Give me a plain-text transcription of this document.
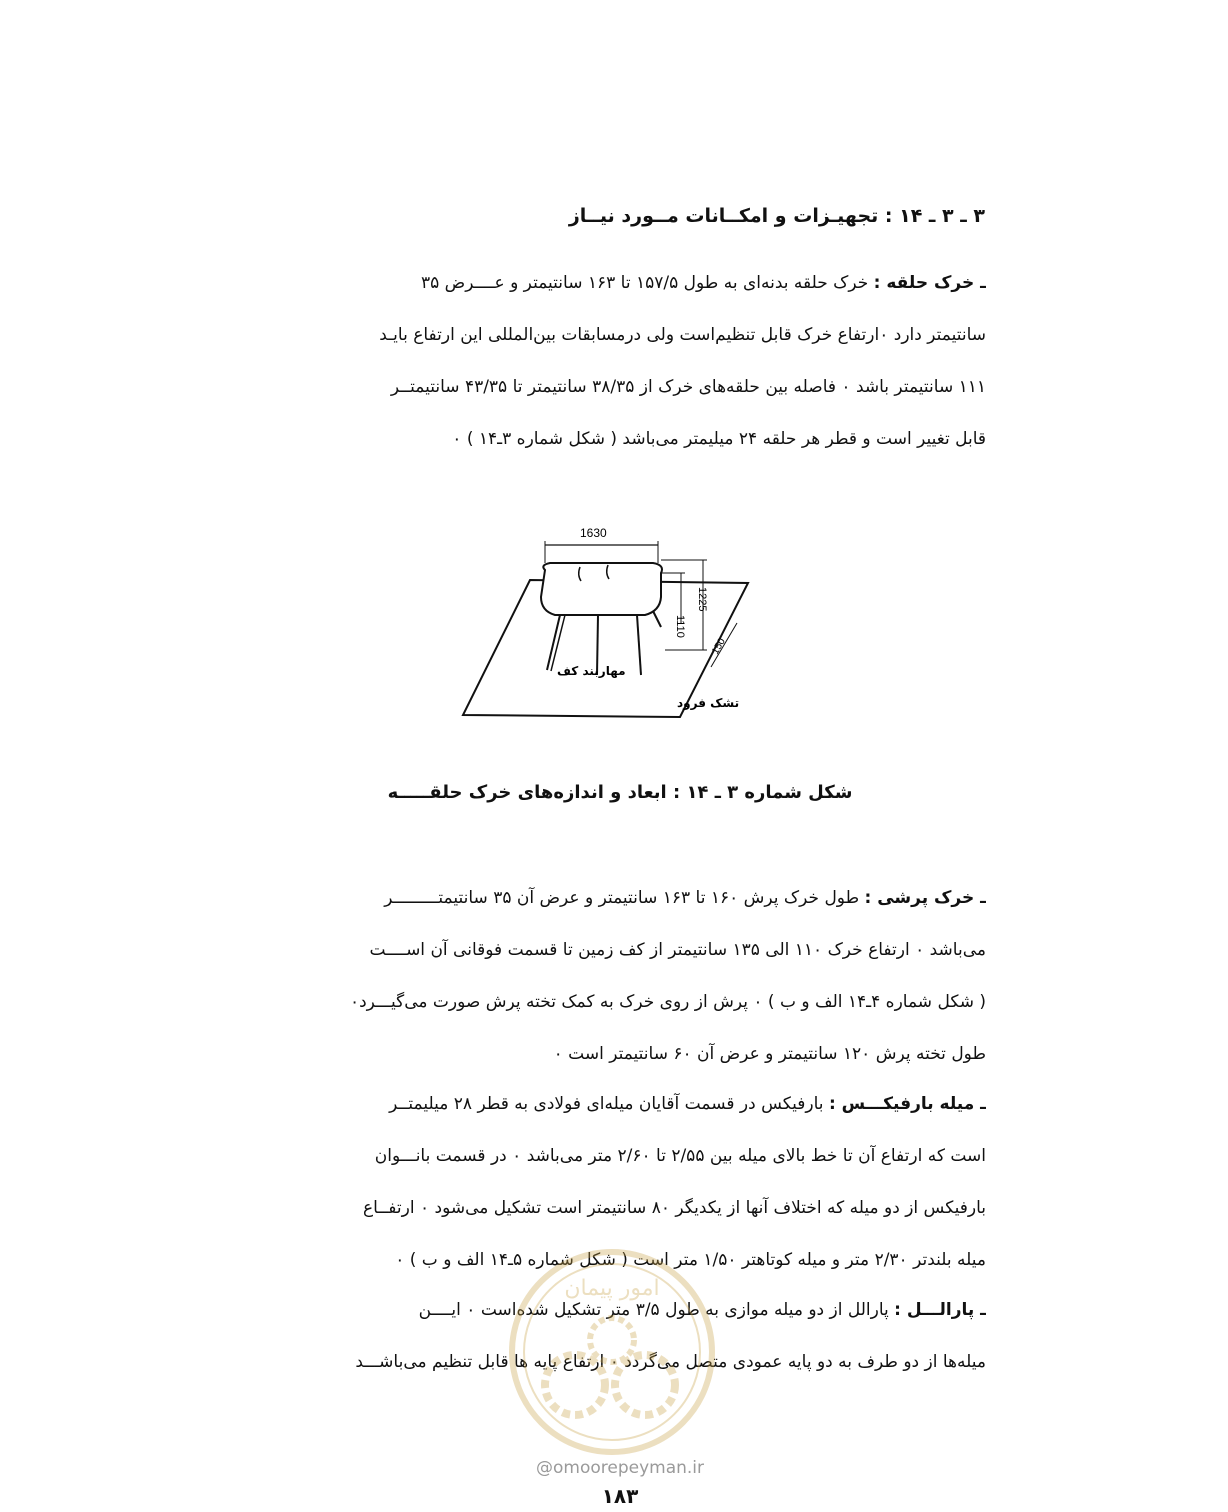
۳ ـ ۳ ـ ۱۴ : تجهیـزات و امکــانات مــورد نیــاز
ـ خرک حلقه : خرک حلقه بدنه‌ای به طول ۱۵۷/۵ تا ۱۶۳ سانتیمتر و عــــرض ۳۵
سانتیمتر دارد ۰ارتفاع خرک قابل تنظیم‌است ولی درمسابقات بین‌المللی این ارتفاع بایـد
۱۱۱ سانتیمتر باشد ۰ فاصله بین حلقه‌های خرک از ۳۸/۳۵ سانتیمتر تا ۴۳/۳۵ سانتیمتــر
قابل تغییر است و قطر هر حلقه ۲۴ میلیمتر می‌باشد ( شکل شماره ۳ـ۱۴ ) ۰
1630
1110
1225
150
مهاربند کف
تشک فرود
شکل شماره ۳ ـ ۱۴ : ابعاد و اندازه‌های خرک حلقـــــه
ـ خرک پرشی : طول خرک پرش ۱۶۰ تا ۱۶۳ سانتیمتر و عرض آن ۳۵ سانتیمتـــــــــر
می‌باشد ۰ ارتفاع خرک ۱۱۰ الی ۱۳۵ سانتیمتر از کف زمین تا قسمت فوقانی آن اســــت
( شکل شماره ۴ـ۱۴ الف و ب ) ۰ پرش از روی خرک به کمک تخته پرش صورت می‌گیـــرد۰
طول تخته پرش ۱۲۰ سانتیمتر و عرض آن ۶۰ سانتیمتر است ۰
ـ میله بارفیکـــس : بارفیکس در قسمت آقایان میله‌ای فولادی به قطر ۲۸ میلیمتــر
است که ارتفاع آن تا خط بالای میله بین ۲/۵۵ تا ۲/۶۰ متر می‌باشد ۰ در قسمت بانـــوان
بارفیکس از دو میله که اختلاف آنها از یکدیگر ۸۰ سانتیمتر است تشکیل می‌شود ۰ ارتفــاع
میله بلندتر ۲/۳۰ متر و میله کوتاهتر ۱/۵۰ متر است ( شکل شماره ۵ـ۱۴ الف و ب ) ۰
ـ پارالـــل : پارالل از دو میله موازی به طول ۳/۵ متر تشکیل شده‌است ۰ ایــــن
میله‌ها از دو طرف به دو پایه عمودی متصل می‌گردد ۰ ارتفاع پایه ها قابل تنظیم می‌باشـــد
امور پیمان
@omoorepeyman.ir
۱۸۳
